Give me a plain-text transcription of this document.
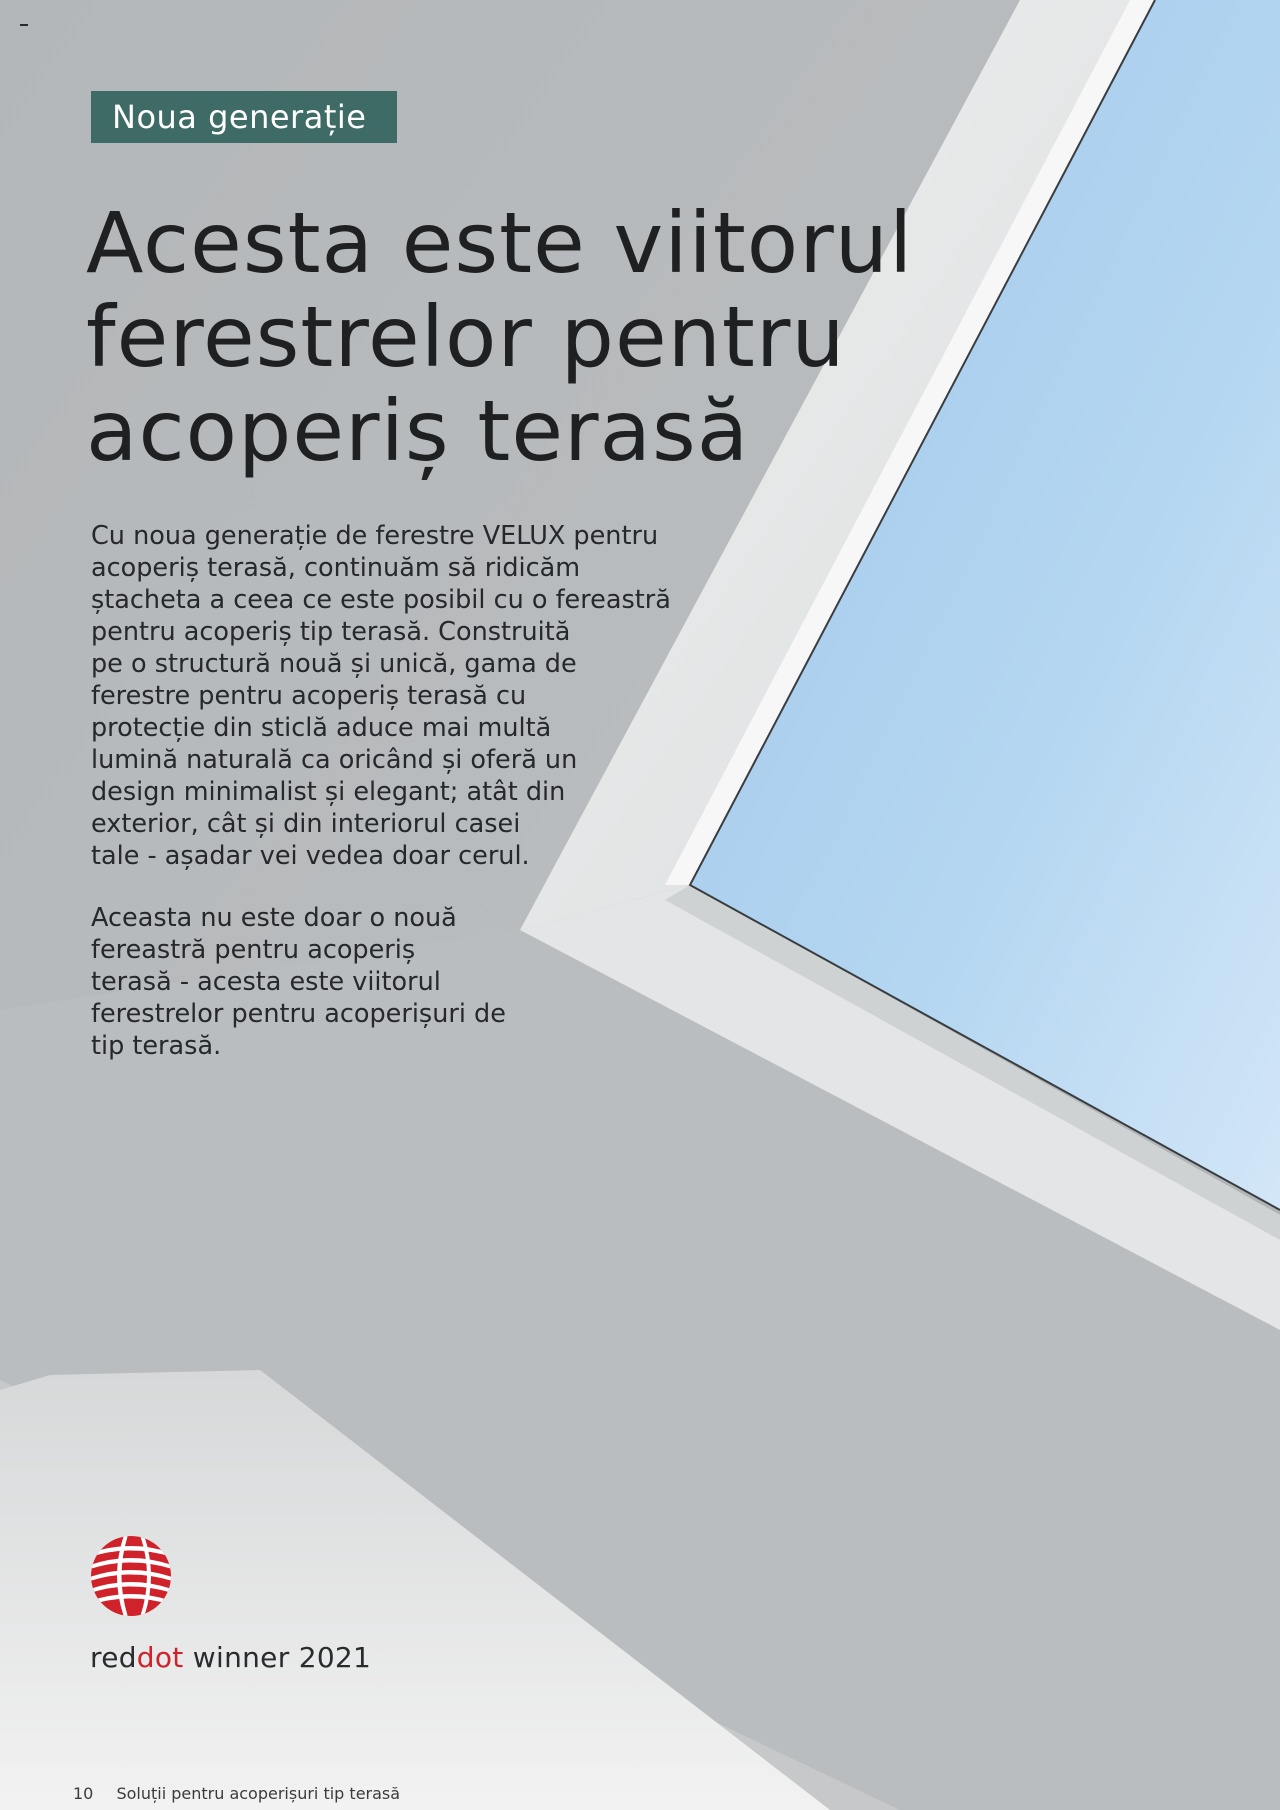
Noua generație
Acesta este viitorul
ferestrelor pentru
acoperiș terasă

Cu noua generație de ferestre VELUX pentru
acoperiș terasă, continuăm să ridicăm
ștacheta a ceea ce este posibil cu o fereastră
pentru acoperiș tip terasă. Construită
pe o structură nouă și unică, gama de
ferestre pentru acoperiș terasă cu
protecție din sticlă aduce mai multă
lumină naturală ca oricând și oferă un
design minimalist și elegant; atât din
exterior, cât și din interiorul casei
tale - așadar vei vedea doar cerul.

Aceasta nu este doar o nouă
fereastră pentru acoperiș
terasă - acesta este viitorul
ferestrelor pentru acoperișuri de
tip terasă.

reddot winner 2021
10 Soluții pentru acoperișuri tip terasă
